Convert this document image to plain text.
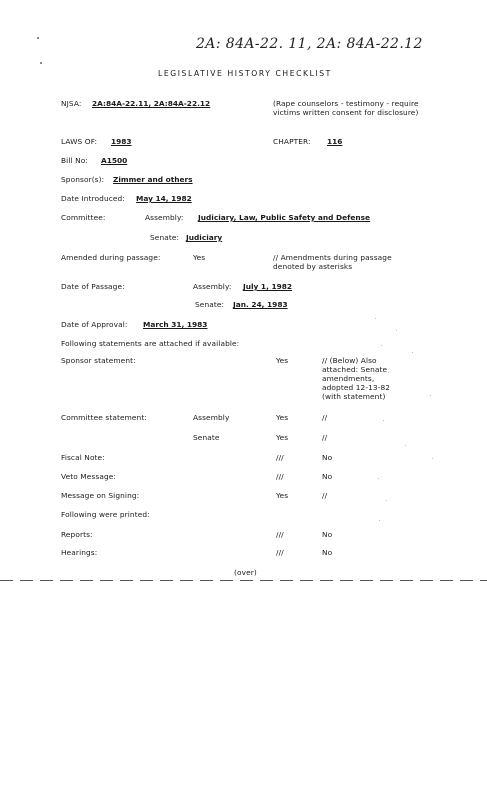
2A: 84A-22. 11, 2A: 84A-22.12
LEGISLATIVE HISTORY CHECKLIST
NJSA: 2A:84A-22.11, 2A:84A-22.12	(Rape counselors - testimony - require victims written consent for disclosure)
LAWS OF: 1983	CHAPTER: 116
Bill No: A1500
Sponsor(s): Zimmer and others
Date Introduced: May 14, 1982
Committee:	Assembly: Judiciary, Law, Public Safety and Defense
Senate: Judiciary
Amended during passage:	Yes	// Amendments during passage denoted by asterisks
Date of Passage:	Assembly: July 1, 1982
Senate: Jan. 24, 1983
Date of Approval: March 31, 1983
Following statements are attached if available:
Sponsor statement:	Yes	// (Below) Also attached: Senate amendments, adopted 12-13-82 (with statement)
Committee statement:	Assembly	Yes	//
Senate	Yes	//
Fiscal Note:	///	No
Veto Message:	///	No
Message on Signing:	Yes	//
Following were printed:
Reports:	///	No
Hearings:	///	No
(over)
